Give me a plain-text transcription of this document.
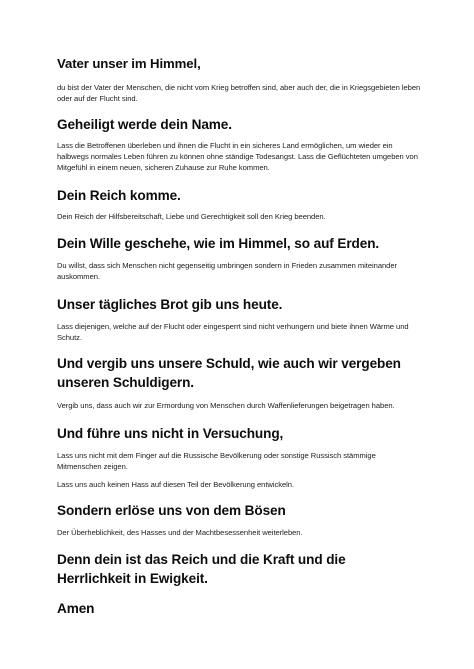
Vater unser im Himmel,

du bist der Vater der Menschen, die nicht vom Krieg betroffen sind, aber auch der, die in Kriegsgebieten leben oder auf der Flucht sind.

Geheiligt werde dein Name.

Lass die Betroffenen überleben und ihnen die Flucht in ein sicheres Land ermöglichen, um wieder ein halbwegs normales Leben führen zu können ohne ständige Todesangst. Lass die Geflüchteten umgeben von Mitgefühl in einem neuen, sicheren Zuhause zur Ruhe kommen.

Dein Reich komme.

Dein Reich der Hilfsbereitschaft, Liebe und Gerechtigkeit soll den Krieg beenden.

Dein Wille geschehe, wie im Himmel, so auf Erden.

Du willst, dass sich Menschen nicht gegenseitig umbringen sondern in Frieden zusammen miteinander auskommen.

Unser tägliches Brot gib uns heute.

Lass diejenigen, welche auf der Flucht oder eingesperrt sind nicht verhungern und biete ihnen Wärme und Schutz.

Und vergib uns unsere Schuld, wie auch wir vergeben unseren Schuldigern.

Vergib uns, dass auch wir zur Ermordung von Menschen durch Waffenlieferungen beigetragen haben.

Und führe uns nicht in Versuchung,

Lass uns nicht mit dem Finger auf die Russische Bevölkerung oder sonstige Russisch stämmige Mitmenschen zeigen.

Lass uns auch keinen Hass auf diesen Teil der Bevölkerung entwickeln.

Sondern erlöse uns von dem Bösen

Der Überheblichkeit, des Hasses und der Machtbesessenheit weiterleben.

Denn dein ist das Reich und die Kraft und die Herrlichkeit in Ewigkeit.
Amen
